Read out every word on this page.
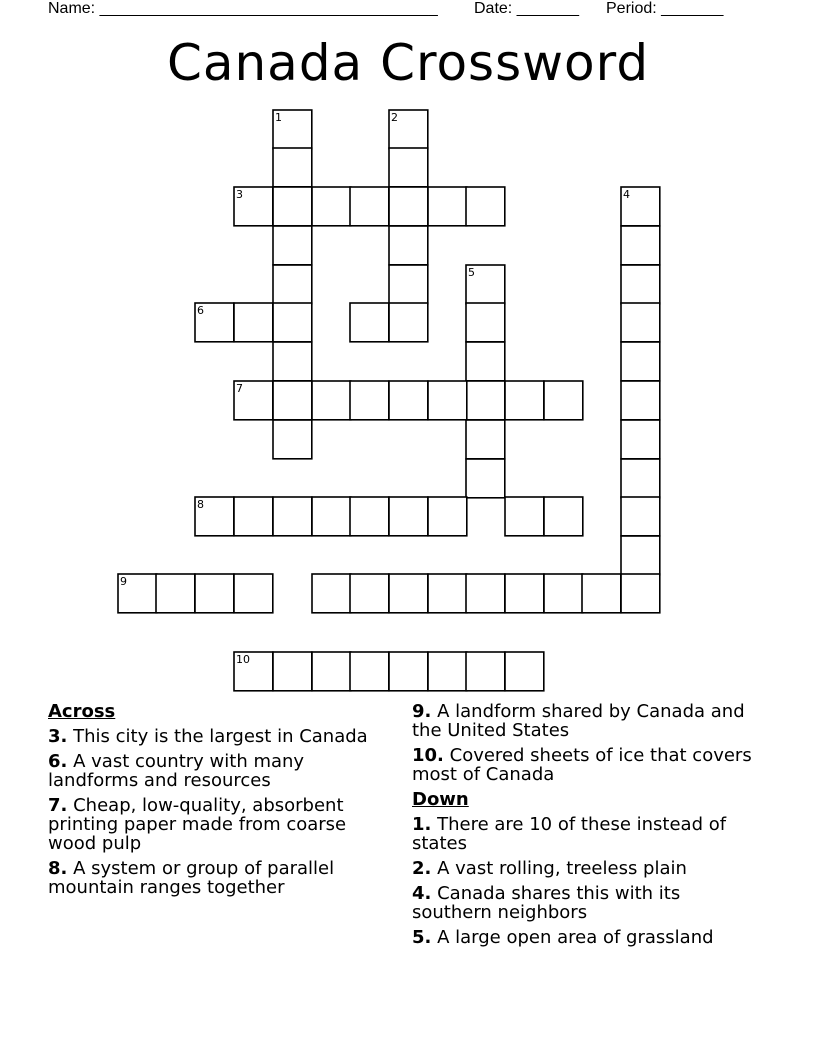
Name: ______________________________________ Date: _______ Period: _______
Canada Crossword
1	2
3	4
5
6
7
8
9
10
Across
3. This city is the largest in Canada
6. A vast country with many landforms and resources
7. Cheap, low-quality, absorbent printing paper made from coarse wood pulp
8. A system or group of parallel mountain ranges together
9. A landform shared by Canada and the United States
10. Covered sheets of ice that covers most of Canada
Down
1. There are 10 of these instead of states
2. A vast rolling, treeless plain
4. Canada shares this with its southern neighbors
5. A large open area of grassland
